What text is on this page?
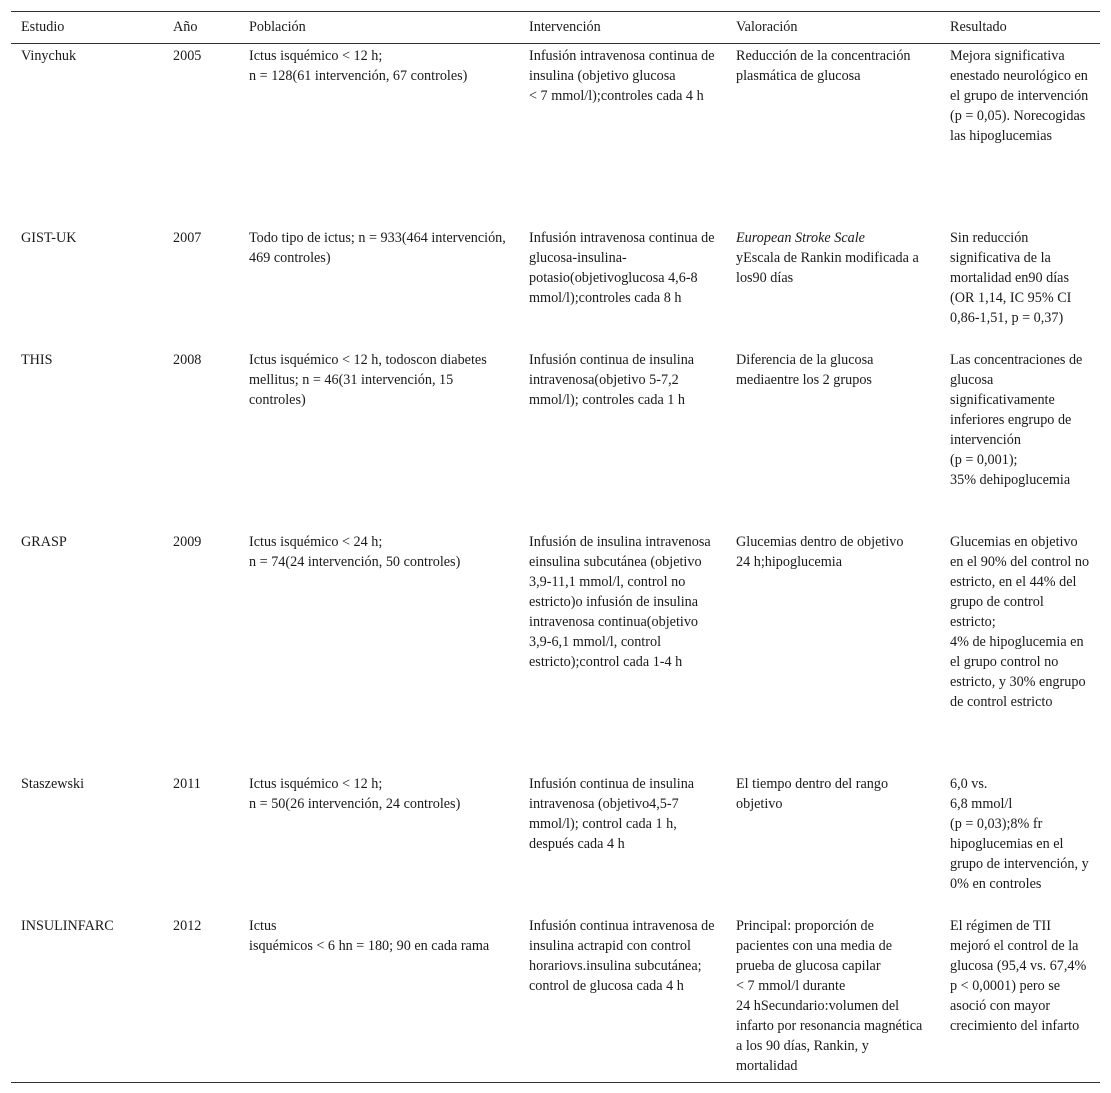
Estudio	Año	Población	Intervención	Valoración	Resultado
Vinychuk	2005	Ictus isquémico < 12 h;
n = 128(61 intervención, 67 controles)	Infusión intravenosa continua de insulina (objetivo glucosa
< 7 mmol/l);controles cada 4 h	Reducción de la concentración plasmática de glucosa	Mejora significativa enestado neurológico en el grupo de intervención
(p = 0,05). Norecogidas las hipoglucemias
GIST-UK	2007	Todo tipo de ictus; n = 933(464 intervención, 469 controles)	Infusión intravenosa continua de glucosa-insulina-potasio(objetivoglucosa 4,6-8 mmol/l);controles cada 8 h	European Stroke Scale
yEscala de Rankin modificada a los90 días	Sin reducción significativa de la mortalidad en90 días (OR 1,14, IC 95% CI 0,86-1,51, p = 0,37)
THIS	2008	Ictus isquémico < 12 h, todoscon diabetes mellitus; n = 46(31 intervención, 15 controles)	Infusión continua de insulina intravenosa(objetivo 5-7,2 mmol/l); controles cada 1 h	Diferencia de la glucosa mediaentre los 2 grupos	Las concentraciones de glucosa significativamente inferiores engrupo de intervención
(p = 0,001);
35% dehipoglucemia
GRASP	2009	Ictus isquémico < 24 h;
n = 74(24 intervención, 50 controles)	Infusión de insulina intravenosa einsulina subcutánea (objetivo 3,9-11,1 mmol/l, control no estricto)o infusión de insulina intravenosa continua(objetivo 3,9-6,1 mmol/l, control estricto);control cada 1-4 h	Glucemias dentro de objetivo
24 h;hipoglucemia	Glucemias en objetivo en el 90% del control no estricto, en el 44% del grupo de control estricto;
4% de hipoglucemia en el grupo control no estricto, y 30% engrupo de control estricto
Staszewski	2011	Ictus isquémico < 12 h;
n = 50(26 intervención, 24 controles)	Infusión continua de insulina intravenosa (objetivo4,5-7 mmol/l); control cada 1 h, después cada 4 h	El tiempo dentro del rango objetivo	6,0 vs.
6,8 mmol/l
(p = 0,03);8% fr hipoglucemias en el grupo de intervención, y 0% en controles
INSULINFARC	2012	Ictus
isquémicos < 6 hn = 180; 90 en cada rama	Infusión continua intravenosa de insulina actrapid con control horariovs.insulina subcutánea; control de glucosa cada 4 h	Principal: proporción de pacientes con una media de prueba de glucosa capilar
< 7 mmol/l durante
24 hSecundario:volumen del infarto por resonancia magnética a los 90 días, Rankin, y mortalidad	El régimen de TII mejoró el control de la glucosa (95,4 vs. 67,4%
p < 0,0001) pero se asoció con mayor crecimiento del infarto
